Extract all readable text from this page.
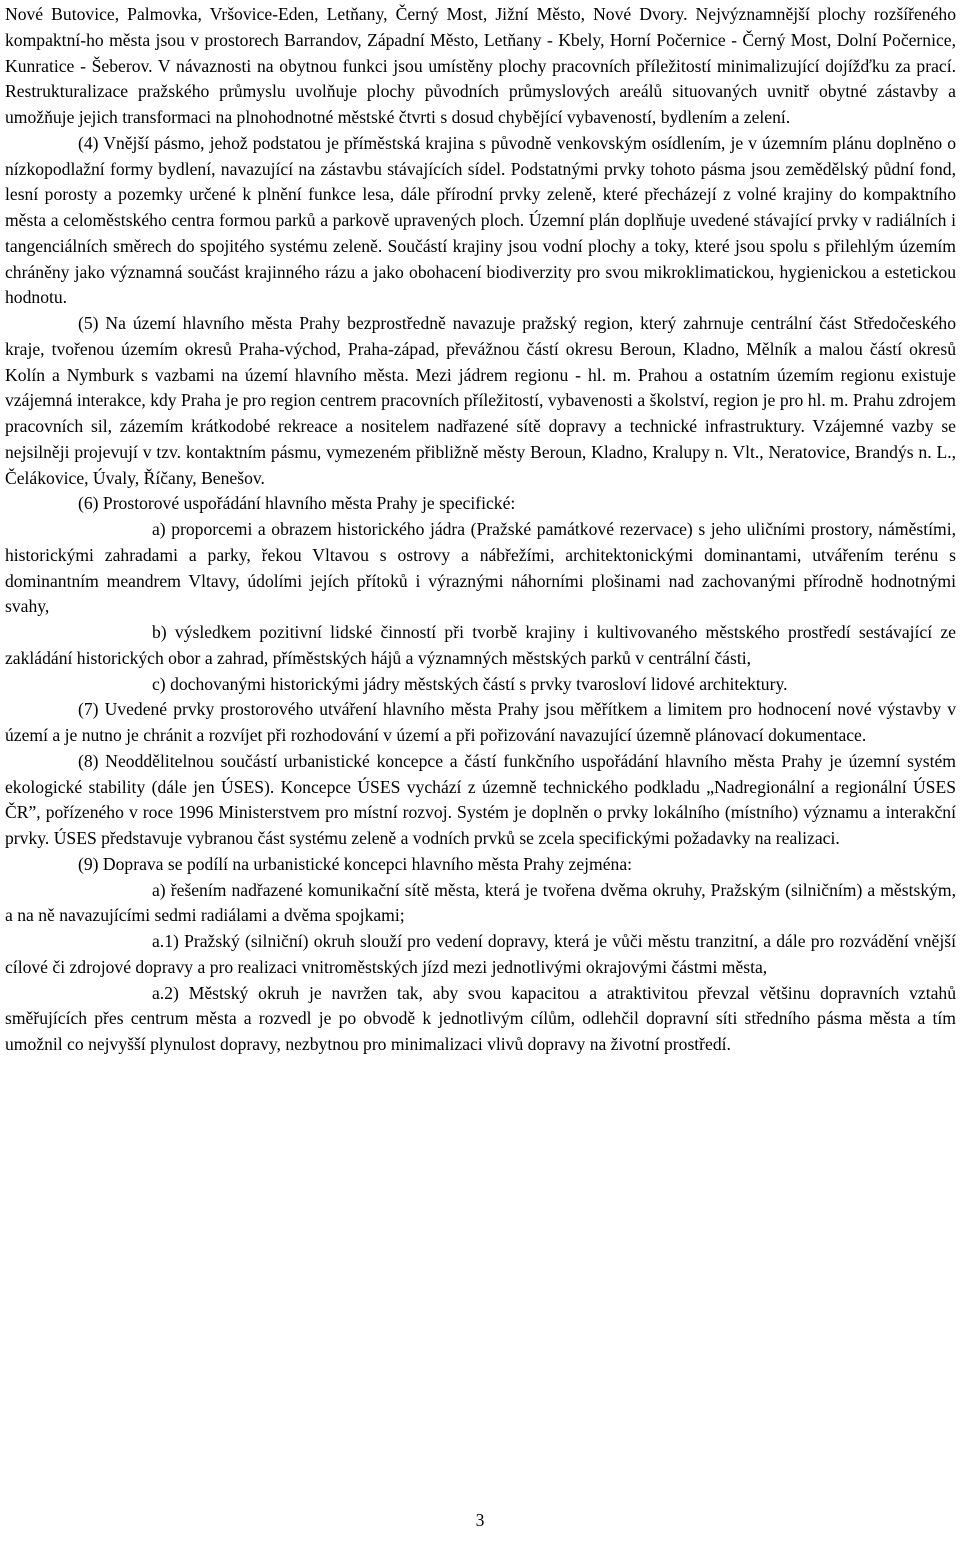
Nové Butovice, Palmovka, Vršovice-Eden, Letňany, Černý Most, Jižní Město, Nové Dvory. Nejvýznamnější plochy rozšířeného kompaktní-ho města jsou v prostorech Barrandov, Západní Město, Letňany - Kbely, Horní Počernice - Černý Most, Dolní Počernice, Kunratice - Šeberov. V návaznosti na obytnou funkci jsou umístěny plochy pracovních příležitostí minimalizující dojížďku za prací. Restrukturalizace pražského průmyslu uvolňuje plochy původních průmyslových areálů situovaných uvnitř obytné zástavby a umožňuje jejich transformaci na plnohodnotné městské čtvrti s dosud chybějící vybaveností, bydlením a zelení.

(4) Vnější pásmo, jehož podstatou je příměstská krajina s původně venkovským osídlením, je v územním plánu doplněno o nízkopodlažní formy bydlení, navazující na zástavbu stávajících sídel. Podstatnými prvky tohoto pásma jsou zemědělský půdní fond, lesní porosty a pozemky určené k plnění funkce lesa, dále přírodní prvky zeleně, které přecházejí z volné krajiny do kompaktního města a celoměstského centra formou parků a parkově upravených ploch. Územní plán doplňuje uvedené stávající prvky v radiálních i tangenciálních směrech do spojitého systému zeleně. Součástí krajiny jsou vodní plochy a toky, které jsou spolu s přilehlým územím chráněny jako významná součást krajinného rázu a jako obohacení biodiverzity pro svou mikroklimatickou, hygienickou a estetickou hodnotu.

(5) Na území hlavního města Prahy bezprostředně navazuje pražský region, který zahrnuje centrální část Středočeského kraje, tvořenou územím okresů Praha-východ, Praha-západ, převážnou částí okresu Beroun, Kladno, Mělník a malou částí okresů Kolín a Nymburk s vazbami na území hlavního města. Mezi jádrem regionu - hl. m. Prahou a ostatním územím regionu existuje vzájemná interakce, kdy Praha je pro region centrem pracovních příležitostí, vybavenosti a školství, region je pro hl. m. Prahu zdrojem pracovních sil, zázemím krátkodobé rekreace a nositelem nadřazené sítě dopravy a technické infrastruktury. Vzájemné vazby se nejsilněji projevují v tzv. kontaktním pásmu, vymezeném přibližně městy Beroun, Kladno, Kralupy n. Vlt., Neratovice, Brandýs n. L., Čelákovice, Úvaly, Říčany, Benešov.

(6) Prostorové uspořádání hlavního města Prahy je specifické:

a) proporcemi a obrazem historického jádra (Pražské památkové rezervace) s jeho uličními prostory, náměstími, historickými zahradami a parky, řekou Vltavou s ostrovy a nábřežími, architektonickými dominantami, utvářením terénu s dominantním meandrem Vltavy, údolími jejích přítoků i výraznými náhorními plošinami nad zachovanými přírodně hodnotnými svahy,

b) výsledkem pozitivní lidské činností při tvorbě krajiny i kultivovaného městského prostředí sestávající ze zakládání historických obor a zahrad, příměstských hájů a významných městských parků v centrální části,

c) dochovanými historickými jádry městských částí s prvky tvarosloví lidové architektury.

(7) Uvedené prvky prostorového utváření hlavního města Prahy jsou měřítkem a limitem pro hodnocení nové výstavby v území a je nutno je chránit a rozvíjet při rozhodování v území a při pořizování navazující územně plánovací dokumentace.

(8) Neoddělitelnou součástí urbanistické koncepce a částí funkčního uspořádání hlavního města Prahy je územní systém ekologické stability (dále jen ÚSES). Koncepce ÚSES vychází z územně technického podkladu „Nadregionální a regionální ÚSES ČR”, pořízeného v roce 1996 Ministerstvem pro místní rozvoj. Systém je doplněn o prvky lokálního (místního) významu a interakční prvky. ÚSES představuje vybranou část systému zeleně a vodních prvků se zcela specifickými požadavky na realizaci.

(9) Doprava se podílí na urbanistické koncepci hlavního města Prahy zejména:

a) řešením nadřazené komunikační sítě města, která je tvořena dvěma okruhy, Pražským (silničním) a městským, a na ně navazujícími sedmi radiálami a dvěma spojkami;

a.1) Pražský (silniční) okruh slouží pro vedení dopravy, která je vůči městu tranzitní, a dále pro rozvádění vnější cílové či zdrojové dopravy a pro realizaci vnitroměstských jízd mezi jednotlivými okrajovými částmi města,

a.2) Městský okruh je navržen tak, aby svou kapacitou a atraktivitou převzal většinu dopravních vztahů směřujících přes centrum města a rozvedl je po obvodě k jednotlivým cílům, odlehčil dopravní síti středního pásma města a tím umožnil co nejvyšší plynulost dopravy, nezbytnou pro minimalizaci vlivů dopravy na životní prostředí.

3
